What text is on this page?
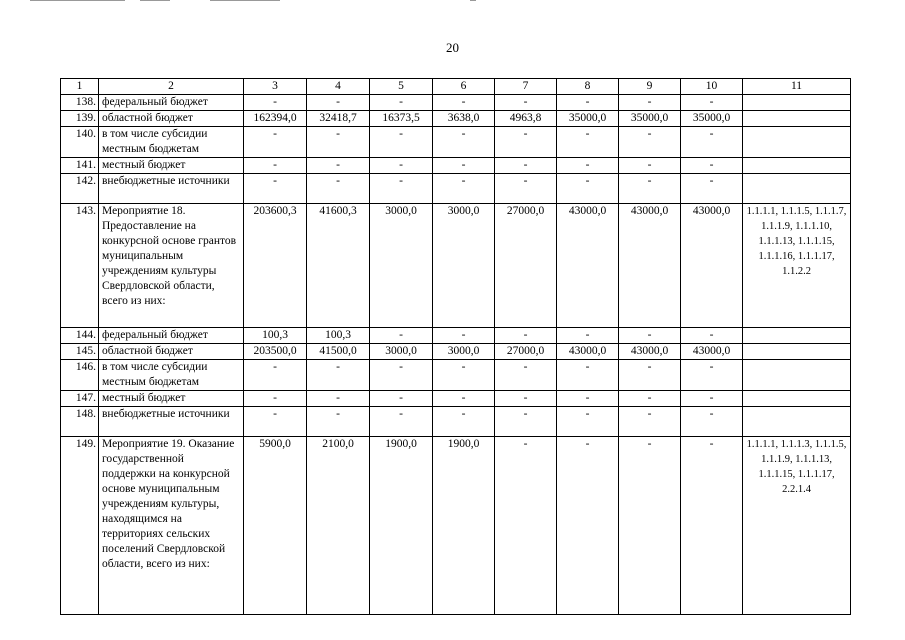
20
1	2	3	4	5	6	7	8	9	10	11
138.	федеральный бюджет	-	-	-	-	-	-	-	-	
139.	областной бюджет	162394,0	32418,7	16373,5	3638,0	4963,8	35000,0	35000,0	35000,0	
140.	в том числе субсидии местным бюджетам	-	-	-	-	-	-	-	-	
141.	местный бюджет	-	-	-	-	-	-	-	-	
142.	внебюджетные источники	-	-	-	-	-	-	-	-	
143.	Мероприятие 18. Предоставление на конкурсной основе грантов муниципальным учреждениям культуры Свердловской области, всего из них:	203600,3	41600,3	3000,0	3000,0	27000,0	43000,0	43000,0	43000,0	1.1.1.1, 1.1.1.5, 1.1.1.7, 1.1.1.9, 1.1.1.10, 1.1.1.13, 1.1.1.15, 1.1.1.16, 1.1.1.17, 1.1.2.2
144.	федеральный бюджет	100,3	100,3	-	-	-	-	-	-	
145.	областной бюджет	203500,0	41500,0	3000,0	3000,0	27000,0	43000,0	43000,0	43000,0	
146.	в том числе субсидии местным бюджетам	-	-	-	-	-	-	-	-	
147.	местный бюджет	-	-	-	-	-	-	-	-	
148.	внебюджетные источники	-	-	-	-	-	-	-	-	
149.	Мероприятие 19. Оказание государственной поддержки на конкурсной основе муниципальным учреждениям культуры, находящимся на территориях сельских поселений Свердловской области, всего из них:	5900,0	2100,0	1900,0	1900,0	-	-	-	-	1.1.1.1, 1.1.1.3, 1.1.1.5, 1.1.1.9, 1.1.1.13, 1.1.1.15, 1.1.1.17, 2.2.1.4
